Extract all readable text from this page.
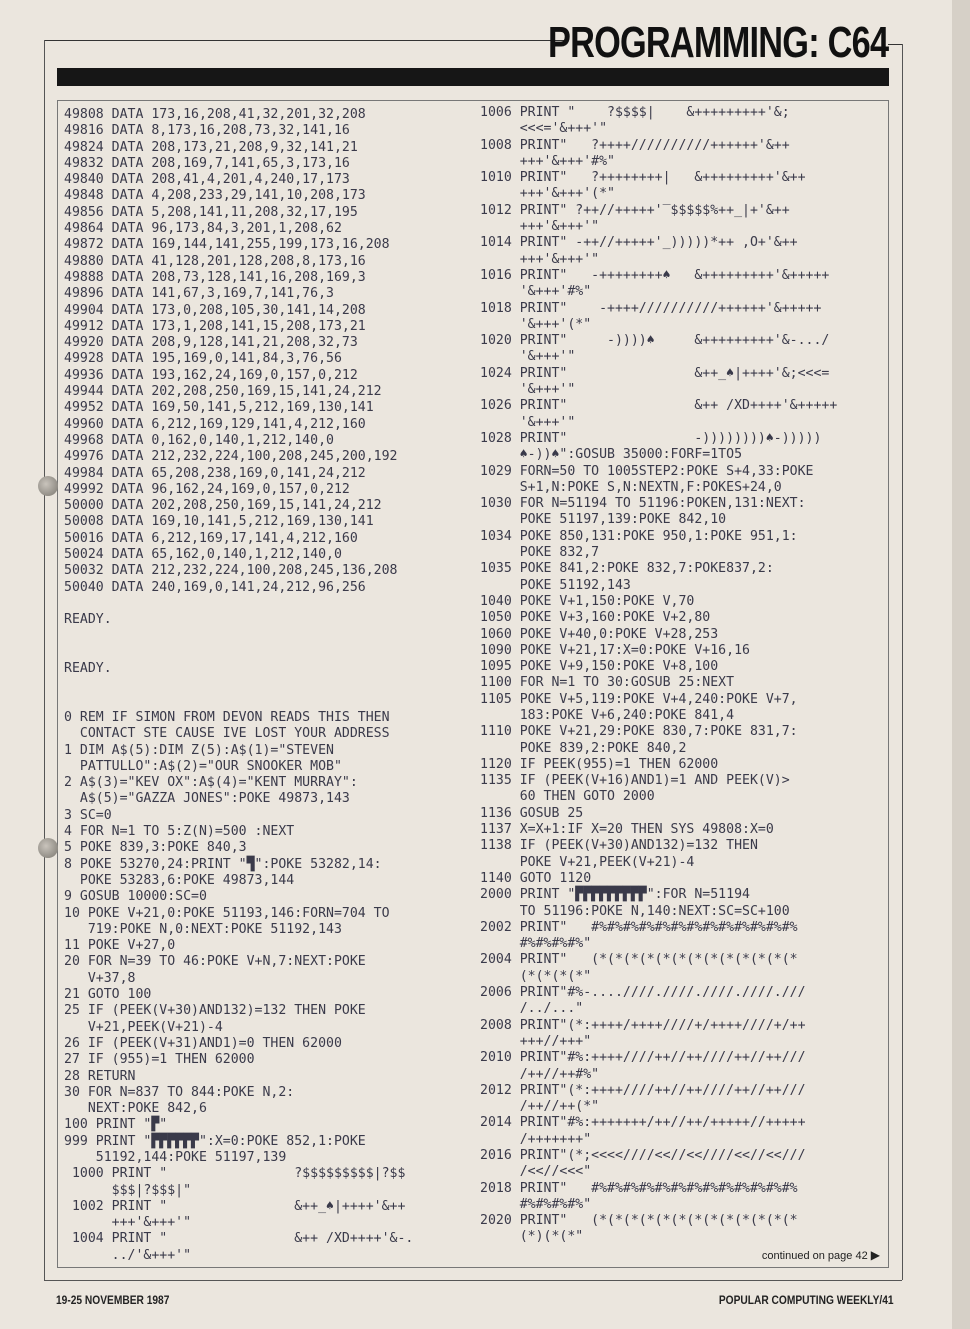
PROGRAMMING: C64
49808 DATA 173,16,208,41,32,201,32,208
49816 DATA 8,173,16,208,73,32,141,16
49824 DATA 208,173,21,208,9,32,141,21
49832 DATA 208,169,7,141,65,3,173,16
49840 DATA 208,41,4,201,4,240,17,173
49848 DATA 4,208,233,29,141,10,208,173
49856 DATA 5,208,141,11,208,32,17,195
49864 DATA 96,173,84,3,201,1,208,62
49872 DATA 169,144,141,255,199,173,16,208
49880 DATA 41,128,201,128,208,8,173,16
49888 DATA 208,73,128,141,16,208,169,3
49896 DATA 141,67,3,169,7,141,76,3
49904 DATA 173,0,208,105,30,141,14,208
49912 DATA 173,1,208,141,15,208,173,21
49920 DATA 208,9,128,141,21,208,32,73
49928 DATA 195,169,0,141,84,3,76,56
49936 DATA 193,162,24,169,0,157,0,212
49944 DATA 202,208,250,169,15,141,24,212
49952 DATA 169,50,141,5,212,169,130,141
49960 DATA 6,212,169,129,141,4,212,160
49968 DATA 0,162,0,140,1,212,140,0
49976 DATA 212,232,224,100,208,245,200,192
49984 DATA 65,208,238,169,0,141,24,212
49992 DATA 96,162,24,169,0,157,0,212
50000 DATA 202,208,250,169,15,141,24,212
50008 DATA 169,10,141,5,212,169,130,141
50016 DATA 6,212,169,17,141,4,212,160
50024 DATA 65,162,0,140,1,212,140,0
50032 DATA 212,232,224,100,208,245,136,208
50040 DATA 240,169,0,141,24,212,96,256
READY.
READY.
0 REM IF SIMON FROM DEVON READS THIS THEN
CONTACT STE CAUSE IVE LOST YOUR ADDRESS
1 DIM A$(5):DIM Z(5):A$(1)="STEVEN
PATTULLO":A$(2)="OUR SNOOKER MOB"
2 A$(3)="KEV OX":A$(4)="KENT MURRAY":
A$(5)="GAZZA JONES":POKE 49873,143
3 SC=0
4 FOR N=1 TO 5:Z(N)=500 :NEXT
5 POKE 839,3:POKE 840,3
8 POKE 53270,24:PRINT "▜":POKE 53282,14:
POKE 53283,6:POKE 49873,144
9 GOSUB 10000:SC=0
10 POKE V+21,0:POKE 51193,146:FORN=704 TO
719:POKE N,0:NEXT:POKE 51192,143
11 POKE V+27,0
20 FOR N=39 TO 46:POKE V+N,7:NEXT:POKE
V+37,8
21 GOTO 100
25 IF (PEEK(V+30)AND132)=132 THEN POKE
V+21,PEEK(V+21)-4
26 IF (PEEK(V+31)AND1)=0 THEN 62000
27 IF (955)=1 THEN 62000
28 RETURN
30 FOR N=837 TO 844:POKE N,2:
NEXT:POKE 842,6
100 PRINT "▛"
999 PRINT "▛▛▛▛▛▛":X=0:POKE 852,1:POKE
51192,144:POKE 51197,139
1000 PRINT "                ?$$$$$$$$$|?$$
$$$|?$$$|"
1002 PRINT "                &++_♠|++++'&++
+++'&+++'"
1004 PRINT "                &++ /XD++++'&-.
../'&+++'"
1006 PRINT "    ?$$$$|    &+++++++++'&;
<<<='&+++'"
1008 PRINT"   ?++++//////////++++++'&++
+++'&+++'#%"
1010 PRINT"   ?++++++++|   &+++++++++'&++
+++'&+++'(*"
1012 PRINT" ?++//+++++'‾$$$$$%++_|+'&++
+++'&+++'"
1014 PRINT" -++//+++++'_)))))*++ ,O+'&++
+++'&+++'"
1016 PRINT"   -++++++++♠   &+++++++++'&+++++
'&+++'#%"
1018 PRINT"    -++++//////////++++++'&+++++
'&+++'(*"
1020 PRINT"     -))))♠     &+++++++++'&-.../
'&+++'"
1024 PRINT"                &++_♠|++++'&;<<<=
'&+++'"
1026 PRINT"                &++ /XD++++'&+++++
'&+++'"
1028 PRINT"                -))))))))♠-)))))
♠-))♠":GOSUB 35000:FORF=1TO5
1029 FORN=50 TO 1005STEP2:POKE S+4,33:POKE
S+1,N:POKE S,N:NEXTN,F:POKES+24,0
1030 FOR N=51194 TO 51196:POKEN,131:NEXT:
POKE 51197,139:POKE 842,10
1034 POKE 850,131:POKE 950,1:POKE 951,1:
POKE 832,7
1035 POKE 841,2:POKE 832,7:POKE837,2:
POKE 51192,143
1040 POKE V+1,150:POKE V,70
1050 POKE V+3,160:POKE V+2,80
1060 POKE V+40,0:POKE V+28,253
1090 POKE V+21,17:X=0:POKE V+16,16
1095 POKE V+9,150:POKE V+8,100
1100 FOR N=1 TO 30:GOSUB 25:NEXT
1105 POKE V+5,119:POKE V+4,240:POKE V+7,
183:POKE V+6,240:POKE 841,4
1110 POKE V+21,29:POKE 830,7:POKE 831,7:
POKE 839,2:POKE 840,2
1120 IF PEEK(955)=1 THEN 62000
1135 IF (PEEK(V+16)AND1)=1 AND PEEK(V)>
60 THEN GOTO 2000
1136 GOSUB 25
1137 X=X+1:IF X=20 THEN SYS 49808:X=0
1138 IF (PEEK(V+30)AND132)=132 THEN
POKE V+21,PEEK(V+21)-4
1140 GOTO 1120
2000 PRINT "▛▛▛▛▛▛▛▛▛":FOR N=51194
TO 51196:POKE N,140:NEXT:SC=SC+100
2002 PRINT"   #%#%#%#%#%#%#%#%#%#%#%#%#%
#%#%#%#%"
2004 PRINT"   (*(*(*(*(*(*(*(*(*(*(*(*(*
(*(*(*(*"
2006 PRINT"#%-....////.////.////.////.///
/../..."
2008 PRINT"(*:++++/++++////+/++++////+/++
+++//+++"
2010 PRINT"#%:++++////++//++////++//++///
/++//++#%"
2012 PRINT"(*:++++////++//++////++//++///
/++//++(*"
2014 PRINT"#%:+++++++/++//++/+++++//+++++
/+++++++"
2016 PRINT"(*;<<<<////<<//<<////<<//<<///
/<<//<<<"
2018 PRINT"   #%#%#%#%#%#%#%#%#%#%#%#%#%
#%#%#%#%"
2020 PRINT"   (*(*(*(*(*(*(*(*(*(*(*(*(*
(*)(*(*"
continued on page 42 ▶
19-25 NOVEMBER 1987	POPULAR COMPUTING WEEKLY/41
